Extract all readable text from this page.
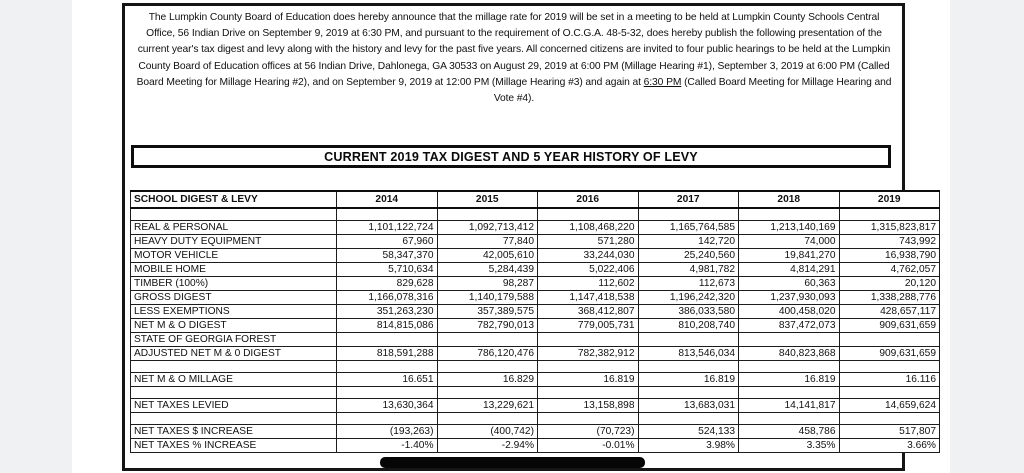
The Lumpkin County Board of Education does hereby announce that the millage rate for 2019 will be set in a meeting to be held at Lumpkin County Schools Central Office, 56 Indian Drive on September 9, 2019 at 6:30 PM, and pursuant to the requirement of O.C.G.A. 48-5-32, does hereby publish the following presentation of the current year's tax digest and levy along with the history and levy for the past five years. All concerned citizens are invited to four public hearings to be held at the Lumpkin County Board of Education offices at 56 Indian Drive, Dahlonega, GA 30533 on August 29, 2019 at 6:00 PM (Millage Hearing #1), September 3, 2019 at 6:00 PM (Called Board Meeting for Millage Hearing #2), and on September 9, 2019 at 12:00 PM (Millage Hearing #3) and again at 6:30 PM (Called Board Meeting for Millage Hearing and Vote #4).
CURRENT 2019 TAX DIGEST AND 5 YEAR HISTORY OF LEVY
SCHOOL DIGEST & LEVY	2014	2015	2016	2017	2018	2019

REAL & PERSONAL	1,101,122,724	1,092,713,412	1,108,468,220	1,165,764,585	1,213,140,169	1,315,823,817
HEAVY DUTY EQUIPMENT	67,960	77,840	571,280	142,720	74,000	743,992
MOTOR VEHICLE	58,347,370	42,005,610	33,244,030	25,240,560	19,841,270	16,938,790
MOBILE HOME	5,710,634	5,284,439	5,022,406	4,981,782	4,814,291	4,762,057
TIMBER (100%)	829,628	98,287	112,602	112,673	60,363	20,120
GROSS DIGEST	1,166,078,316	1,140,179,588	1,147,418,538	1,196,242,320	1,237,930,093	1,338,288,776
LESS EXEMPTIONS	351,263,230	357,389,575	368,412,807	386,033,580	400,458,020	428,657,117
NET M & O DIGEST	814,815,086	782,790,013	779,005,731	810,208,740	837,472,073	909,631,659
STATE OF GEORGIA FOREST						
ADJUSTED NET M & 0 DIGEST	818,591,288	786,120,476	782,382,912	813,546,034	840,823,868	909,631,659

NET M & O MILLAGE	16.651	16.829	16.819	16.819	16.819	16.116

NET TAXES LEVIED	13,630,364	13,229,621	13,158,898	13,683,031	14,141,817	14,659,624

NET TAXES $ INCREASE	(193,263)	(400,742)	(70,723)	524,133	458,786	517,807
NET TAXES % INCREASE	-1.40%	-2.94%	-0.01%	3.98%	3.35%	3.66%
